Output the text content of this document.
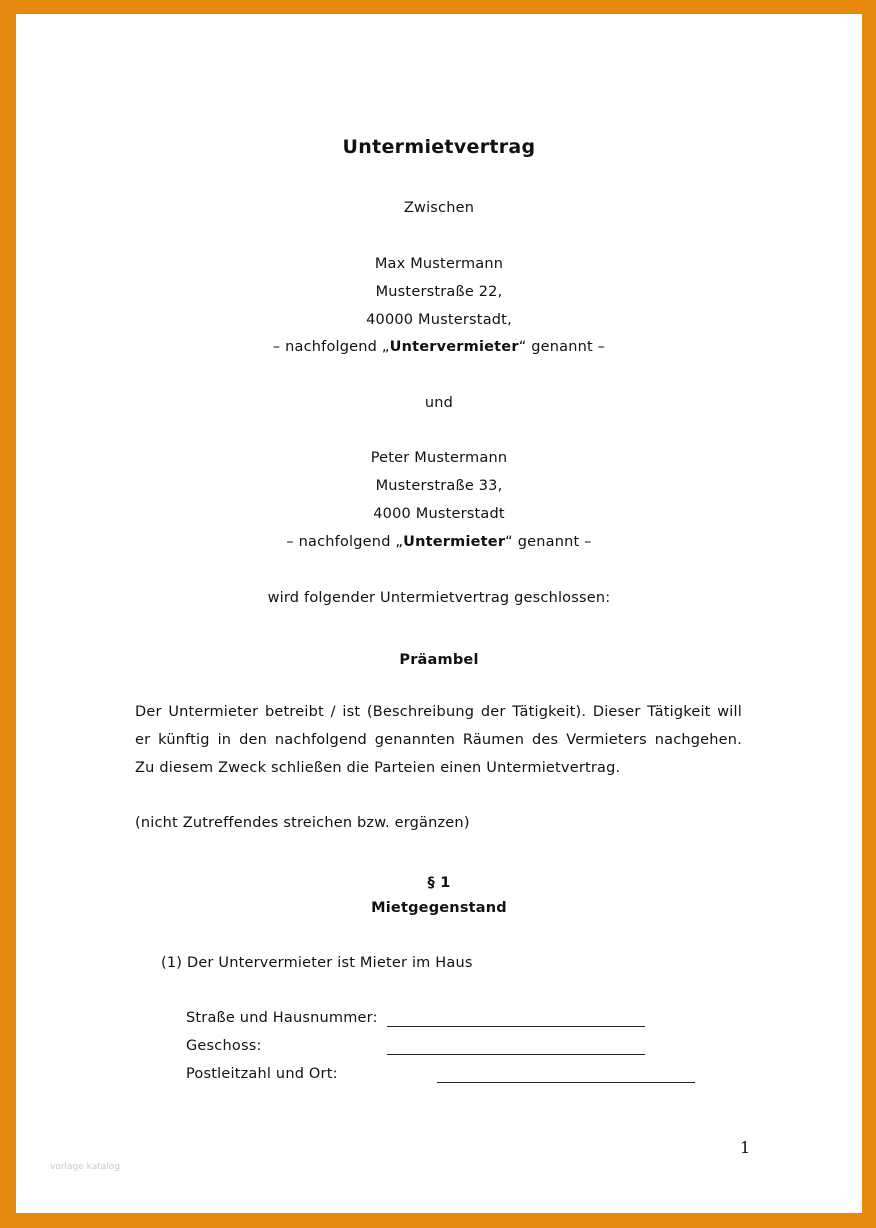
Untermietvertrag
Zwischen
Max Mustermann
Musterstraße 22,
40000 Musterstadt,
– nachfolgend „Untervermieter“ genannt –
und
Peter Mustermann
Musterstraße 33,
4000 Musterstadt
– nachfolgend „Untermieter“ genannt –
wird folgender Untermietvertrag geschlossen:
Präambel
Der Untermieter betreibt / ist (Beschreibung der Tätigkeit). Dieser Tätigkeit will
er künftig in den nachfolgend genannten Räumen des Vermieters nachgehen.
Zu diesem Zweck schließen die Parteien einen Untermietvertrag.
(nicht Zutreffendes streichen bzw. ergänzen)
§ 1
Mietgegenstand
(1) Der Untervermieter ist Mieter im Haus
Straße und Hausnummer:
Geschoss:
Postleitzahl und Ort:
1
vorlage katalog
